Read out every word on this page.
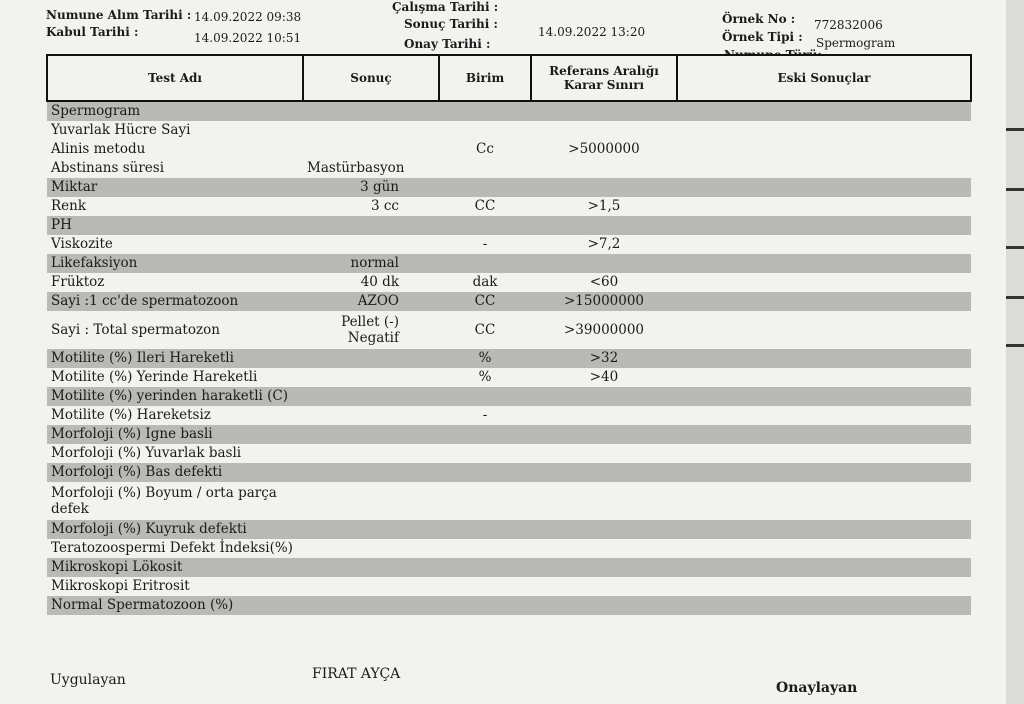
Numune Alım Tarihi : 14.09.2022 09:38
Kabul Tarihi :	14.09.2022 10:51
Çalışma Tarihi :
Sonuç Tarihi :
14.09.2022 13:20
Onay Tarihi :
Örnek No : 772832006
Örnek Tipi : Spermogram
Test Adı	Sonuç	Birim	Referans Aralığı Karar Sınırı	Eski Sonuçlar
Spermogram				
Yuvarlak Hücre Sayi				
Alinis metodu		Cc	>5000000	
Abstinans süresi	Mastürbasyon			
Miktar	3 gün			
Renk	3 cc	CC	>1,5	
PH				
Viskozite		-	>7,2	
Likefaksiyon	normal			
Früktoz	40 dk	dak	<60	
Sayi :1 cc'de spermatozoon	AZOO	CC	>15000000	
Sayi : Total spermatozon	Pellet (-) Negatif	CC	>39000000	
Motilite (%) Ileri Hareketli		%	>32	
Motilite (%) Yerinde Hareketli		%	>40	
Motilite (%) yerinden haraketli (C)				
Motilite (%) Hareketsiz		-		
Morfoloji (%) Igne basli				
Morfoloji (%) Yuvarlak basli				
Morfoloji (%) Bas defekti				
Morfoloji (%) Boyum / orta parça defek				
Morfoloji (%) Kuyruk defekti				
Teratozoospermi Defekt İndeksi(%)				
Mikroskopi Lökosit				
Mikroskopi Eritrosit				
Normal Spermatozoon (%)				
Uygulayan	FIRAT AYÇA
Onaylayan
